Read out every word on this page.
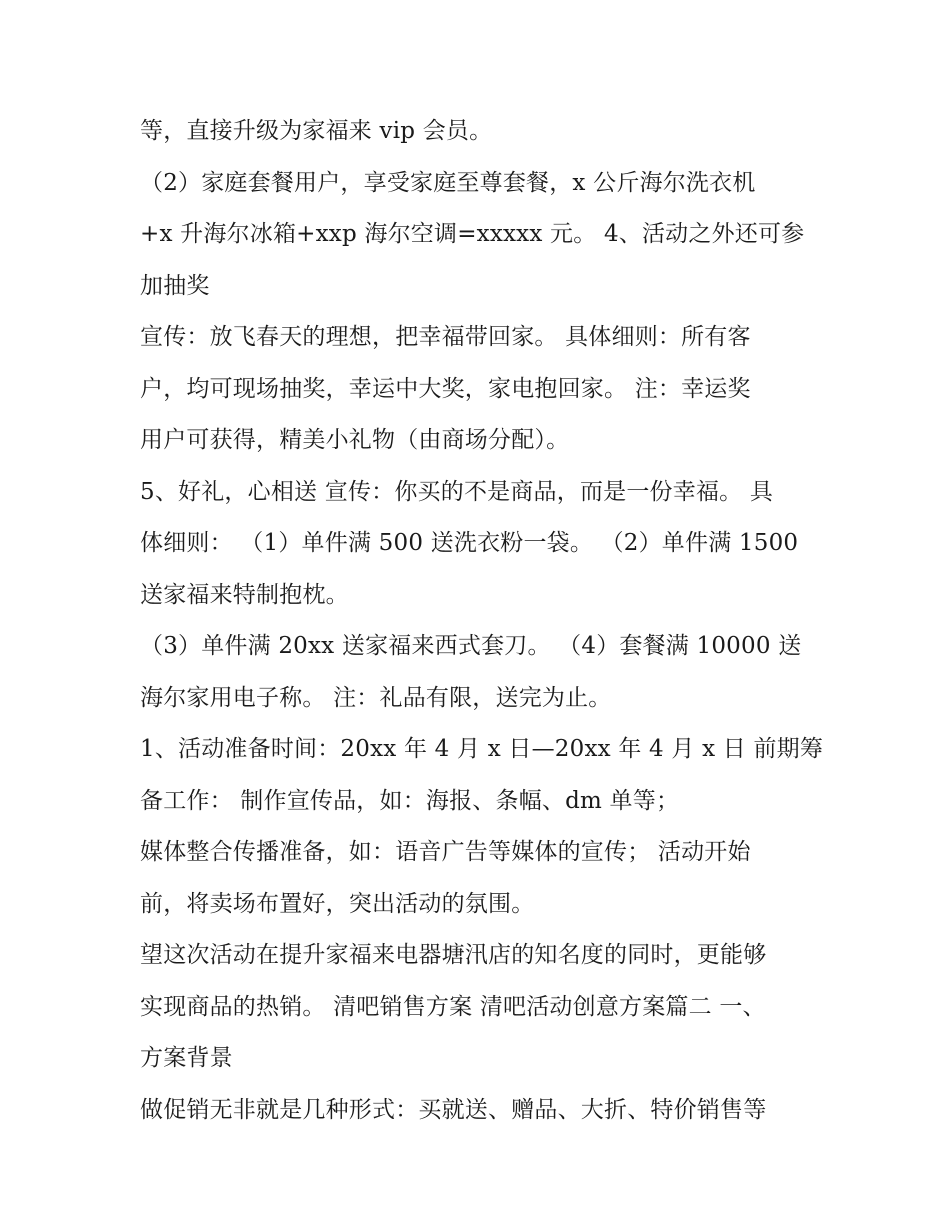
等，直接升级为家福来 vip 会员。
（2）家庭套餐用户，享受家庭至尊套餐，x 公斤海尔洗衣机
+x 升海尔冰箱+xxp 海尔空调=xxxxx 元。 4、活动之外还可参
加抽奖
宣传：放飞春天的理想，把幸福带回家。 具体细则：所有客
户，均可现场抽奖，幸运中大奖，家电抱回家。 注：幸运奖
用户可获得，精美小礼物（由商场分配）。
5、好礼，心相送 宣传：你买的不是商品，而是一份幸福。 具
体细则： （1）单件满 500 送洗衣粉一袋。 （2）单件满 1500
送家福来特制抱枕。
（3）单件满 20xx 送家福来西式套刀。 （4）套餐满 10000 送
海尔家用电子称。 注：礼品有限，送完为止。
1、活动准备时间：20xx 年 4 月 x 日—20xx 年 4 月 x 日 前期筹
备工作： 制作宣传品，如：海报、条幅、dm 单等；
媒体整合传播准备，如：语音广告等媒体的宣传； 活动开始
前，将卖场布置好，突出活动的氛围。
望这次活动在提升家福来电器塘汛店的知名度的同时，更能够
实现商品的热销。 清吧销售方案 清吧活动创意方案篇二 一、
方案背景
做促销无非就是几种形式：买就送、赠品、大折、特价销售等
